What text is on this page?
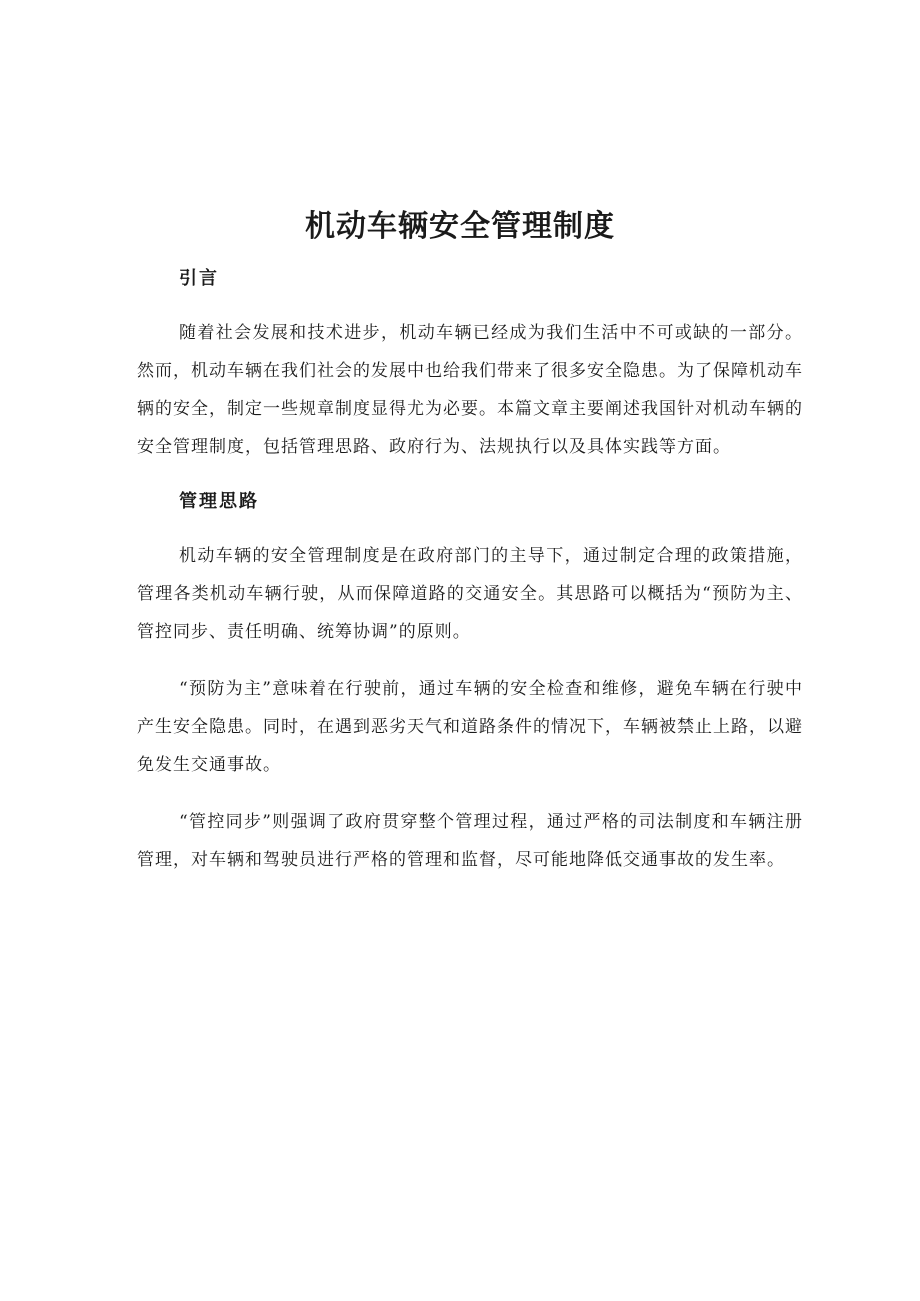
机动车辆安全管理制度
引言

随着社会发展和技术进步，机动车辆已经成为我们生活中不可或缺的一部分。然而，机动车辆在我们社会的发展中也给我们带来了很多安全隐患。为了保障机动车辆的安全，制定一些规章制度显得尤为必要。本篇文章主要阐述我国针对机动车辆的安全管理制度，包括管理思路、政府行为、法规执行以及具体实践等方面。

管理思路

机动车辆的安全管理制度是在政府部门的主导下，通过制定合理的政策措施，管理各类机动车辆行驶，从而保障道路的交通安全。其思路可以概括为“预防为主、管控同步、责任明确、统筹协调”的原则。

“预防为主”意味着在行驶前，通过车辆的安全检查和维修，避免车辆在行驶中产生安全隐患。同时，在遇到恶劣天气和道路条件的情况下，车辆被禁止上路，以避免发生交通事故。

“管控同步”则强调了政府贯穿整个管理过程，通过严格的司法制度和车辆注册管理，对车辆和驾驶员进行严格的管理和监督，尽可能地降低交通事故的发生率。
